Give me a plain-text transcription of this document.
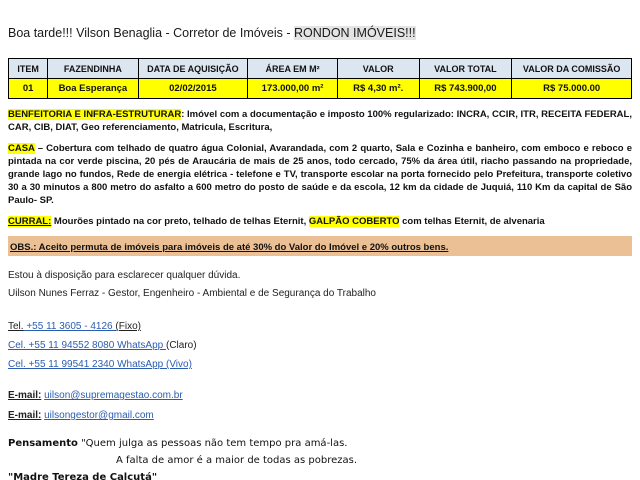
Boa tarde!!! Vilson Benaglia - Corretor de Imóveis - RONDON IMÓVEIS!!!
ITEM	FAZENDINHA	DATA DE AQUISIÇÃO	ÁREA EM M²	VALOR	VALOR TOTAL	VALOR DA COMISSÃO
01	Boa Esperança	02/02/2015	173.000,00 m²	R$ 4,30 m².	R$ 743.900,00	R$ 75.000.00
BENFEITORIA E INFRA-ESTRUTURAR: Imóvel com a documentação e imposto 100% regularizado: INCRA, CCIR, ITR, RECEITA FEDERAL, CAR, CIB, DIAT, Geo referenciamento, Matricula, Escritura,
CASA – Cobertura com telhado de quatro água Colonial, Avarandada, com 2 quarto, Sala e Cozinha e banheiro, com emboco e reboco e pintada na cor verde piscina, 20 pés de Araucária de mais de 25 anos, todo cercado, 75% da área útil, riacho passando na propriedade, grande lago no fundos, Rede de energia elétrica - telefone e TV, transporte escolar na porta fornecido pelo Prefeitura, transporte coletivo 30 a 30 minutos a 800 metro do asfalto a 600 metro do posto de saúde e da escola, 12 km da cidade de Juquiá, 110 Km da capital de São Paulo- SP.
CURRAL: Mourões pintado na cor preto, telhado de telhas Eternit, GALPÃO COBERTO com telhas Eternit, de alvenaria
OBS.: Aceito permuta de imóveis para imóveis de até 30% do Valor do Imóvel e 20% outros bens.
Estou à disposição para esclarecer qualquer dúvida.
Uilson Nunes Ferraz - Gestor, Engenheiro - Ambiental e de Segurança do Trabalho
Tel. +55 11 3605 - 4126 (Fixo)
Cel. +55 11 94552 8080 WhatsApp (Claro)
Cel. +55 11 99541 2340 WhatsApp (Vivo)
E-mail: uilson@supremagestao.com.br
E-mail: uilsongestor@gmail.com
Pensamento "Quem julga as pessoas não tem tempo pra amá-las.
A falta de amor é a maior de todas as pobrezas.
"Madre Tereza de Calcutá"
